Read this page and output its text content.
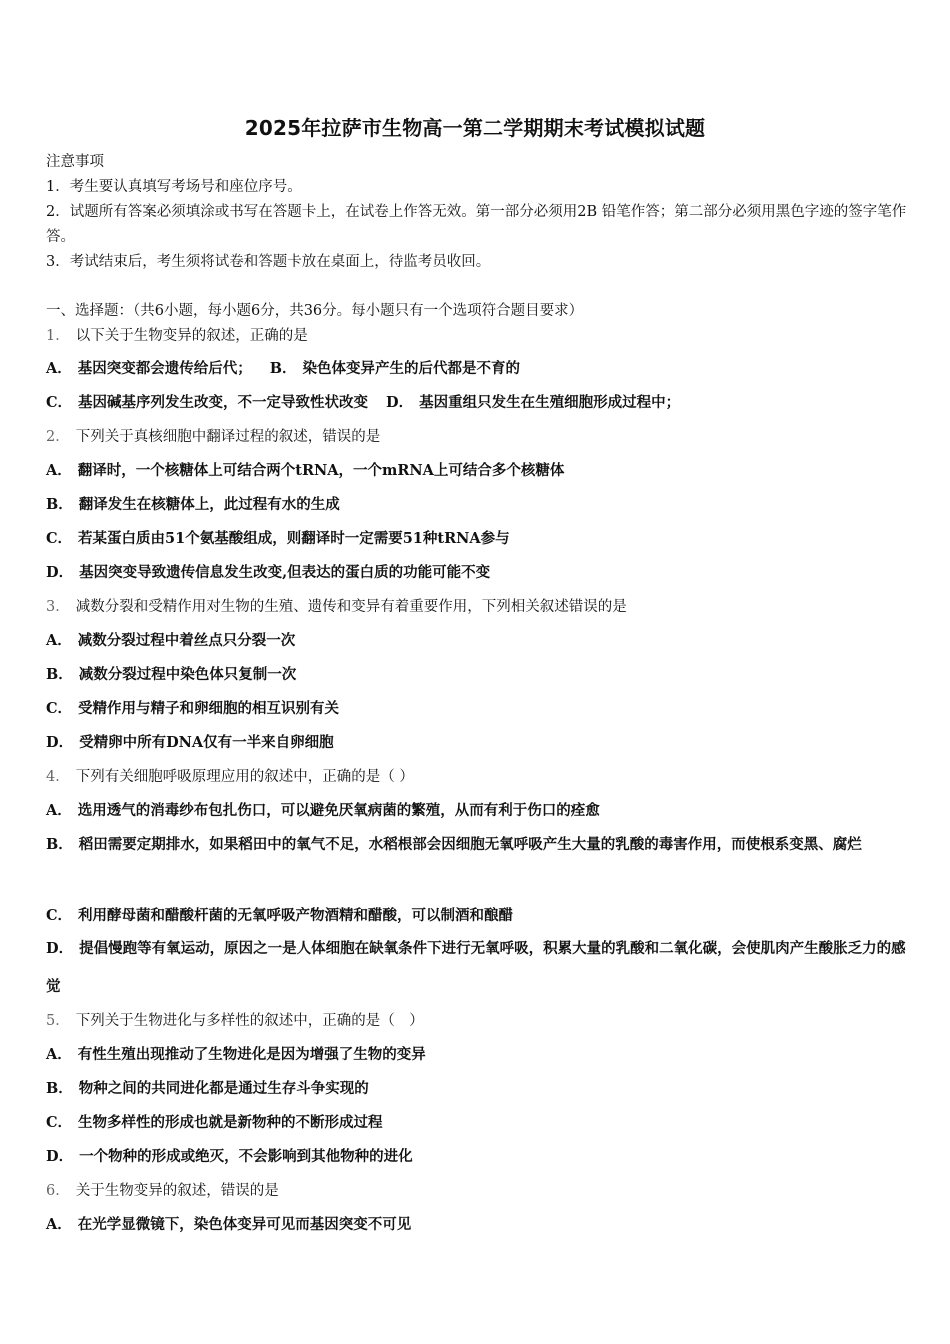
2025年拉萨市生物高一第二学期期末考试模拟试题
注意事项
1．考生要认真填写考场号和座位序号。
2．试题所有答案必须填涂或书写在答题卡上，在试卷上作答无效。第一部分必须用2B 铅笔作答；第二部分必须用黑色字迹的签字笔作答。
3．考试结束后，考生须将试卷和答题卡放在桌面上，待监考员收回。
一、选择题：（共6小题，每小题6分，共36分。每小题只有一个选项符合题目要求）
1． 以下关于生物变异的叙述，正确的是
A． 基因突变都会遗传给后代； B． 染色体变异产生的后代都是不育的
C． 基因碱基序列发生改变，不一定导致性状改变 D． 基因重组只发生在生殖细胞形成过程中；
2． 下列关于真核细胞中翻译过程的叙述，错误的是
A． 翻译时，一个核糖体上可结合两个tRNA，一个mRNA上可结合多个核糖体
B． 翻译发生在核糖体上，此过程有水的生成
C． 若某蛋白质由51个氨基酸组成，则翻译时一定需要51种tRNA参与
D． 基因突变导致遗传信息发生改变,但表达的蛋白质的功能可能不变
3． 减数分裂和受精作用对生物的生殖、遗传和变异有着重要作用，下列相关叙述错误的是
A． 减数分裂过程中着丝点只分裂一次
B． 减数分裂过程中染色体只复制一次
C． 受精作用与精子和卵细胞的相互识别有关
D． 受精卵中所有DNA仅有一半来自卵细胞
4． 下列有关细胞呼吸原理应用的叙述中，正确的是（ ）
A． 选用透气的消毒纱布包扎伤口，可以避免厌氧病菌的繁殖，从而有利于伤口的痊愈
B． 稻田需要定期排水，如果稻田中的氧气不足，水稻根部会因细胞无氧呼吸产生大量的乳酸的毒害作用，而使根系变黑、腐烂
C． 利用酵母菌和醋酸杆菌的无氧呼吸产物酒精和醋酸，可以制酒和酿醋
D． 提倡慢跑等有氧运动，原因之一是人体细胞在缺氧条件下进行无氧呼吸，积累大量的乳酸和二氧化碳，会使肌肉产生酸胀乏力的感觉
5． 下列关于生物进化与多样性的叙述中，正确的是（　）
A． 有性生殖出现推动了生物进化是因为增强了生物的变异
B． 物种之间的共同进化都是通过生存斗争实现的
C． 生物多样性的形成也就是新物种的不断形成过程
D． 一个物种的形成或绝灭，不会影响到其他物种的进化
6． 关于生物变异的叙述，错误的是
A． 在光学显微镜下，染色体变异可见而基因突变不可见
